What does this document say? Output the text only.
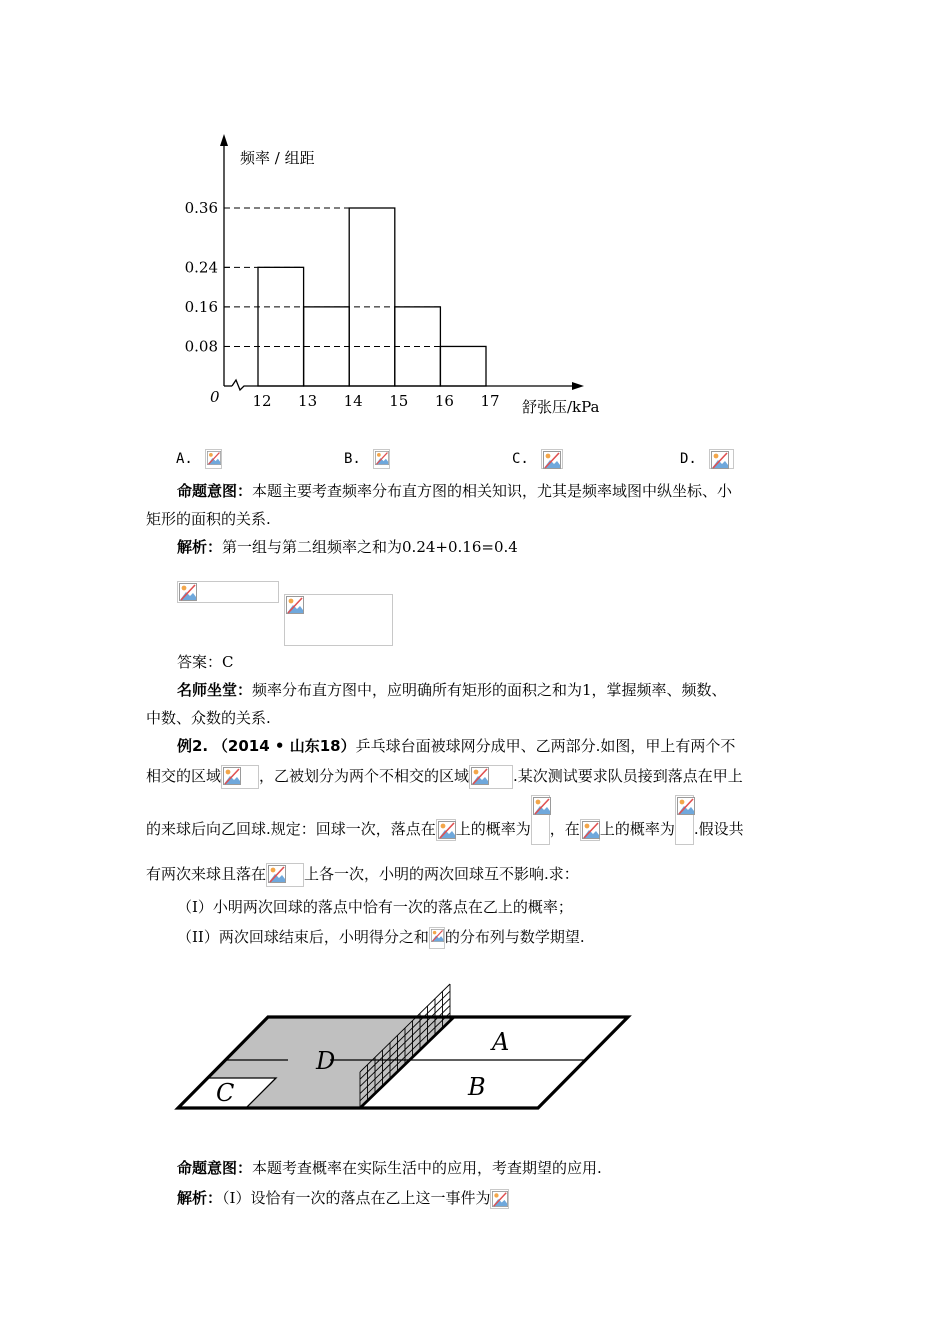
频率 / 组距
0
舒张压/kPa
12 13 14 15 16 17
0.08
0.16
0.24
0.36
A.	B.	C.	D.
命题意图：本题主要考查频率分布直方图的相关知识，尤其是频率域图中纵坐标、小
矩形的面积的关系.
解析：第一组与第二组频率之和为0.24+0.16=0.4

答案：C
名师坐堂：频率分布直方图中，应明确所有矩形的面积之和为1，掌握频率、频数、
中数、众数的关系.
例2. （2014 • 山东18）乒乓球台面被球网分成甲、乙两部分.如图，甲上有两个不
相交的区域	，乙被划分为两个不相交的区域	.某次测试要求队员接到落点在甲上
的来球后向乙回球.规定：回球一次，落点在 上的概率为 ，在 上的概率为 .假设共
有两次来球且落在	上各一次，小明的两次回球互不影响.求：
（I）小明两次回球的落点中恰有一次的落点在乙上的概率；
（II）两次回球结束后，小明得分之和 的分布列与数学期望.
D
A
B
C
命题意图：本题考查概率在实际生活中的应用，考查期望的应用.
解析：（I）设恰有一次的落点在乙上这一事件为
